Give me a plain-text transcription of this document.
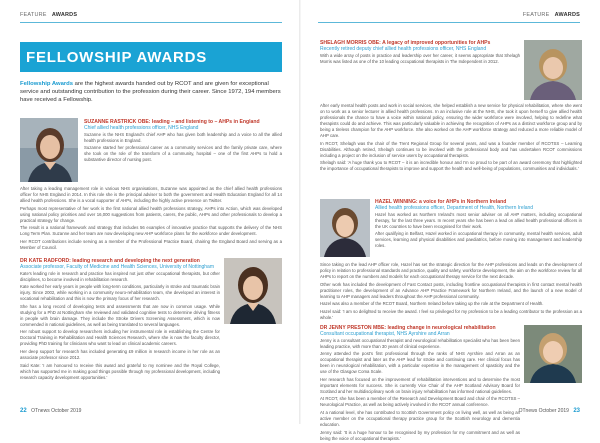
FEATURE AWARDS
FELLOWSHIP AWARDS
Fellowship Awards are the highest awards handed out by RCOT and are given for exceptional service and outstanding contribution to the profession during their career. Since 1972, 194 members have received a Fellowship.
SUZANNE RASTRICK OBE: leading – and listening to – AHPs in England
Chief allied health professions officer, NHS England

Suzanne is the NHS England's chief AHP who has given both leadership and a voice to all the allied health professions in England.

Suzanne started her professional career as a community services and the family private care, where she took on the role of the transform of a community, hospital – one of the first AHPs to hold a substantive director of nursing post.

After taking a leading management role in various NHS organisations, Suzanne was appointed as the chief allied health professions officer for NHS England in 2014. In this role she is the principal adviser to both the government and Health Education England for all 14 allied health professions. She is a vocal supporter of AHPs, including the highly active presence on Twitter.

Perhaps most representative of her work is the first national allied health professions strategy, AHPs into Action, which was developed using national policy priorities and over 16,000 suggestions from patients, carers, the public, AHPs and other professionals to develop a practical strategy for change.

The result is a national framework and strategy that includes 56 examples of innovative practice that supports the delivery of the NHS Long Term Plan. Suzanne and her team are now developing new AHP workforce plans for the workforce under development.

Her RCOT contributions include serving as a member of the Professional Practice Board, chairing the England Board and serving as a Member of Council.

DR KATE RADFORD: leading research and developing the next generation
Associate professor, Faculty of Medicine and Health Sciences, University of Nottingham

Kate's leading role in research and practice has inspired not just other occupational therapists, but other disciplines, to become involved in rehabilitation research.

Kate worked her early years in people with long-term conditions, particularly in stroke and traumatic brain injury. Since 2002, while working in a community neuro-rehabilitation team, she developed an interest in vocational rehabilitation and this is now the primary focus of her research.

She has a long record of developing tests and assessments that are now in common usage. While studying for a PhD at Nottingham she reviewed and validated cognitive tests to determine driving fitness in people with brain damage. They include the Stroke Drivers Screening Assessment, which is now commended in national guidelines, as well as being translated to several languages.

Her robust support to develop researchers including her instrumental role in establishing the Centre for Doctoral Training in Rehabilitation and Health Sciences Research, where she is now the faculty director, providing PhD training for clinicians who want to lead on clinical academic careers.

Her deep support for research has included generating £9 million in research income in her role as an associate professor since 2012.

Said Kate: 'I am honoured to receive this award and grateful to my nominee and the Royal College, which has supported me in making good things possible through my professional development, including research capacity development opportunities.'

22 OTnews October 2019
FEATURE AWARDS
SHELAGH MORRIS OBE: A legacy of improved opportunities for AHPs
Recently retired deputy chief allied health professions officer, NHS England

With a wide array of posts in practice and leadership over her career, it seems appropriate that Shelagh Morris was listed as one of the 10 leading occupational therapists in The Independent in 2012.

After early mental health posts and work in social services, she helped establish a new service for physical rehabilitation, where she went on to work as a senior lecturer in allied health professions. In an inclusive role at the NHS, she took it upon herself to give allied health professionals the chance to have a voice within national policy, ensuring the wider workforce were involved, helping to redefine what therapists could do and achieve. This was particularly valuable in achieving the recognition of AHPs as a distinct workforce group and by being a tireless champion for the AHP workforce. She also worked on the AHP workforce strategy and reduced a more reliable model of AHP care.

In RCOT, Shelagh was the chair of the Trent Regional Group for several years, and was a founder member of RCOTSS – Learning Disabilities. Although retired, Shelagh continues to be involved with the professional body and has undertaken RCOT commissions including a project on the inclusion of service users by occupational therapists.

Shelagh said: 'A huge thank you to RCOT – it is an incredible honour and I'm so proud to be part of an award ceremony that highlighted the importance of occupational therapists to improve and support the health and well-being of populations, communities and individuals.'

HAZEL WINNING: a voice for AHPs in Northern Ireland
Allied health professions officer, Department of Health, Northern Ireland

Hazel has worked as Northern Ireland's most senior adviser on all AHP matters, including occupational therapy, for the last three years. In recent years she has been a lead on allied health professional officers in the UK countries to have been recognised for their work.

After qualifying in Belfast, Hazel worked in occupational therapy in community, mental health services, adult services, learning and physical disabilities and paediatrics, before moving into management and leadership roles.

Since taking on the lead AHP officer role, Hazel has set the strategic direction for the AHP professions and leads on the development of policy in relation to professional standards and practice, quality and safety, workforce development, the aim on the workforce review for all AHPs to report on the numbers and models for each occupational therapy service for the next decade.

Other work has included the development of Fast Contact posts, including frontline occupational therapists in first contact mental health practitioner roles, the development of an Advance AHP Practice Framework for Northern Ireland, and the launch of a new model of learning to AHP managers and leaders throughout the AHP professional community.

Hazel was also a member of the RCOT Board, Northern Ireland before taking up the role at the Department of Health.

Hazel said: 'I am so delighted to receive the award. I feel so privileged for my profession to be a leading contributor to the profession as a whole.'

DR JENNY PRESTON MBE: leading change in neurological rehabilitation
Consultant occupational therapist, NHS Ayrshire and Arran

Jenny is a consultant occupational therapist and neurological rehabilitation specialist who has been been leading practice, with more than 30 years of clinical experience.

Jenny attended the post's first professional through the ranks of NHS Ayrshire and Arran as an occupational therapist and later as the AHP lead for stroke and continuing care. Her clinical focus has been in neurological rehabilitation, with a particular expertise in the management of spasticity and the use of the Glasgow Coma Scale.

Her research has focused on the improvement of rehabilitation interventions and to determine the most important elements for success. She is currently Vice Chair of the AHP Scotland Advisory Board for Scotland and her multidisciplinary work on brain injury rehabilitation has informed national guidelines.

At RCOT, she has been a member of the Research and Development Board and chair of the RCOTSS – Neurological Practice, as well as being actively involved in the RCOT annual conference.

At a national level, she has contributed to Scottish Government policy on living well, as well as being an active member on the occupational therapy practice group for the Scottish neurology and dementia education.

Jenny said: 'It is a huge honour to be recognised by my profession for my commitment and as well as being the voice of occupational therapists.'

OTnews October 2019 23
